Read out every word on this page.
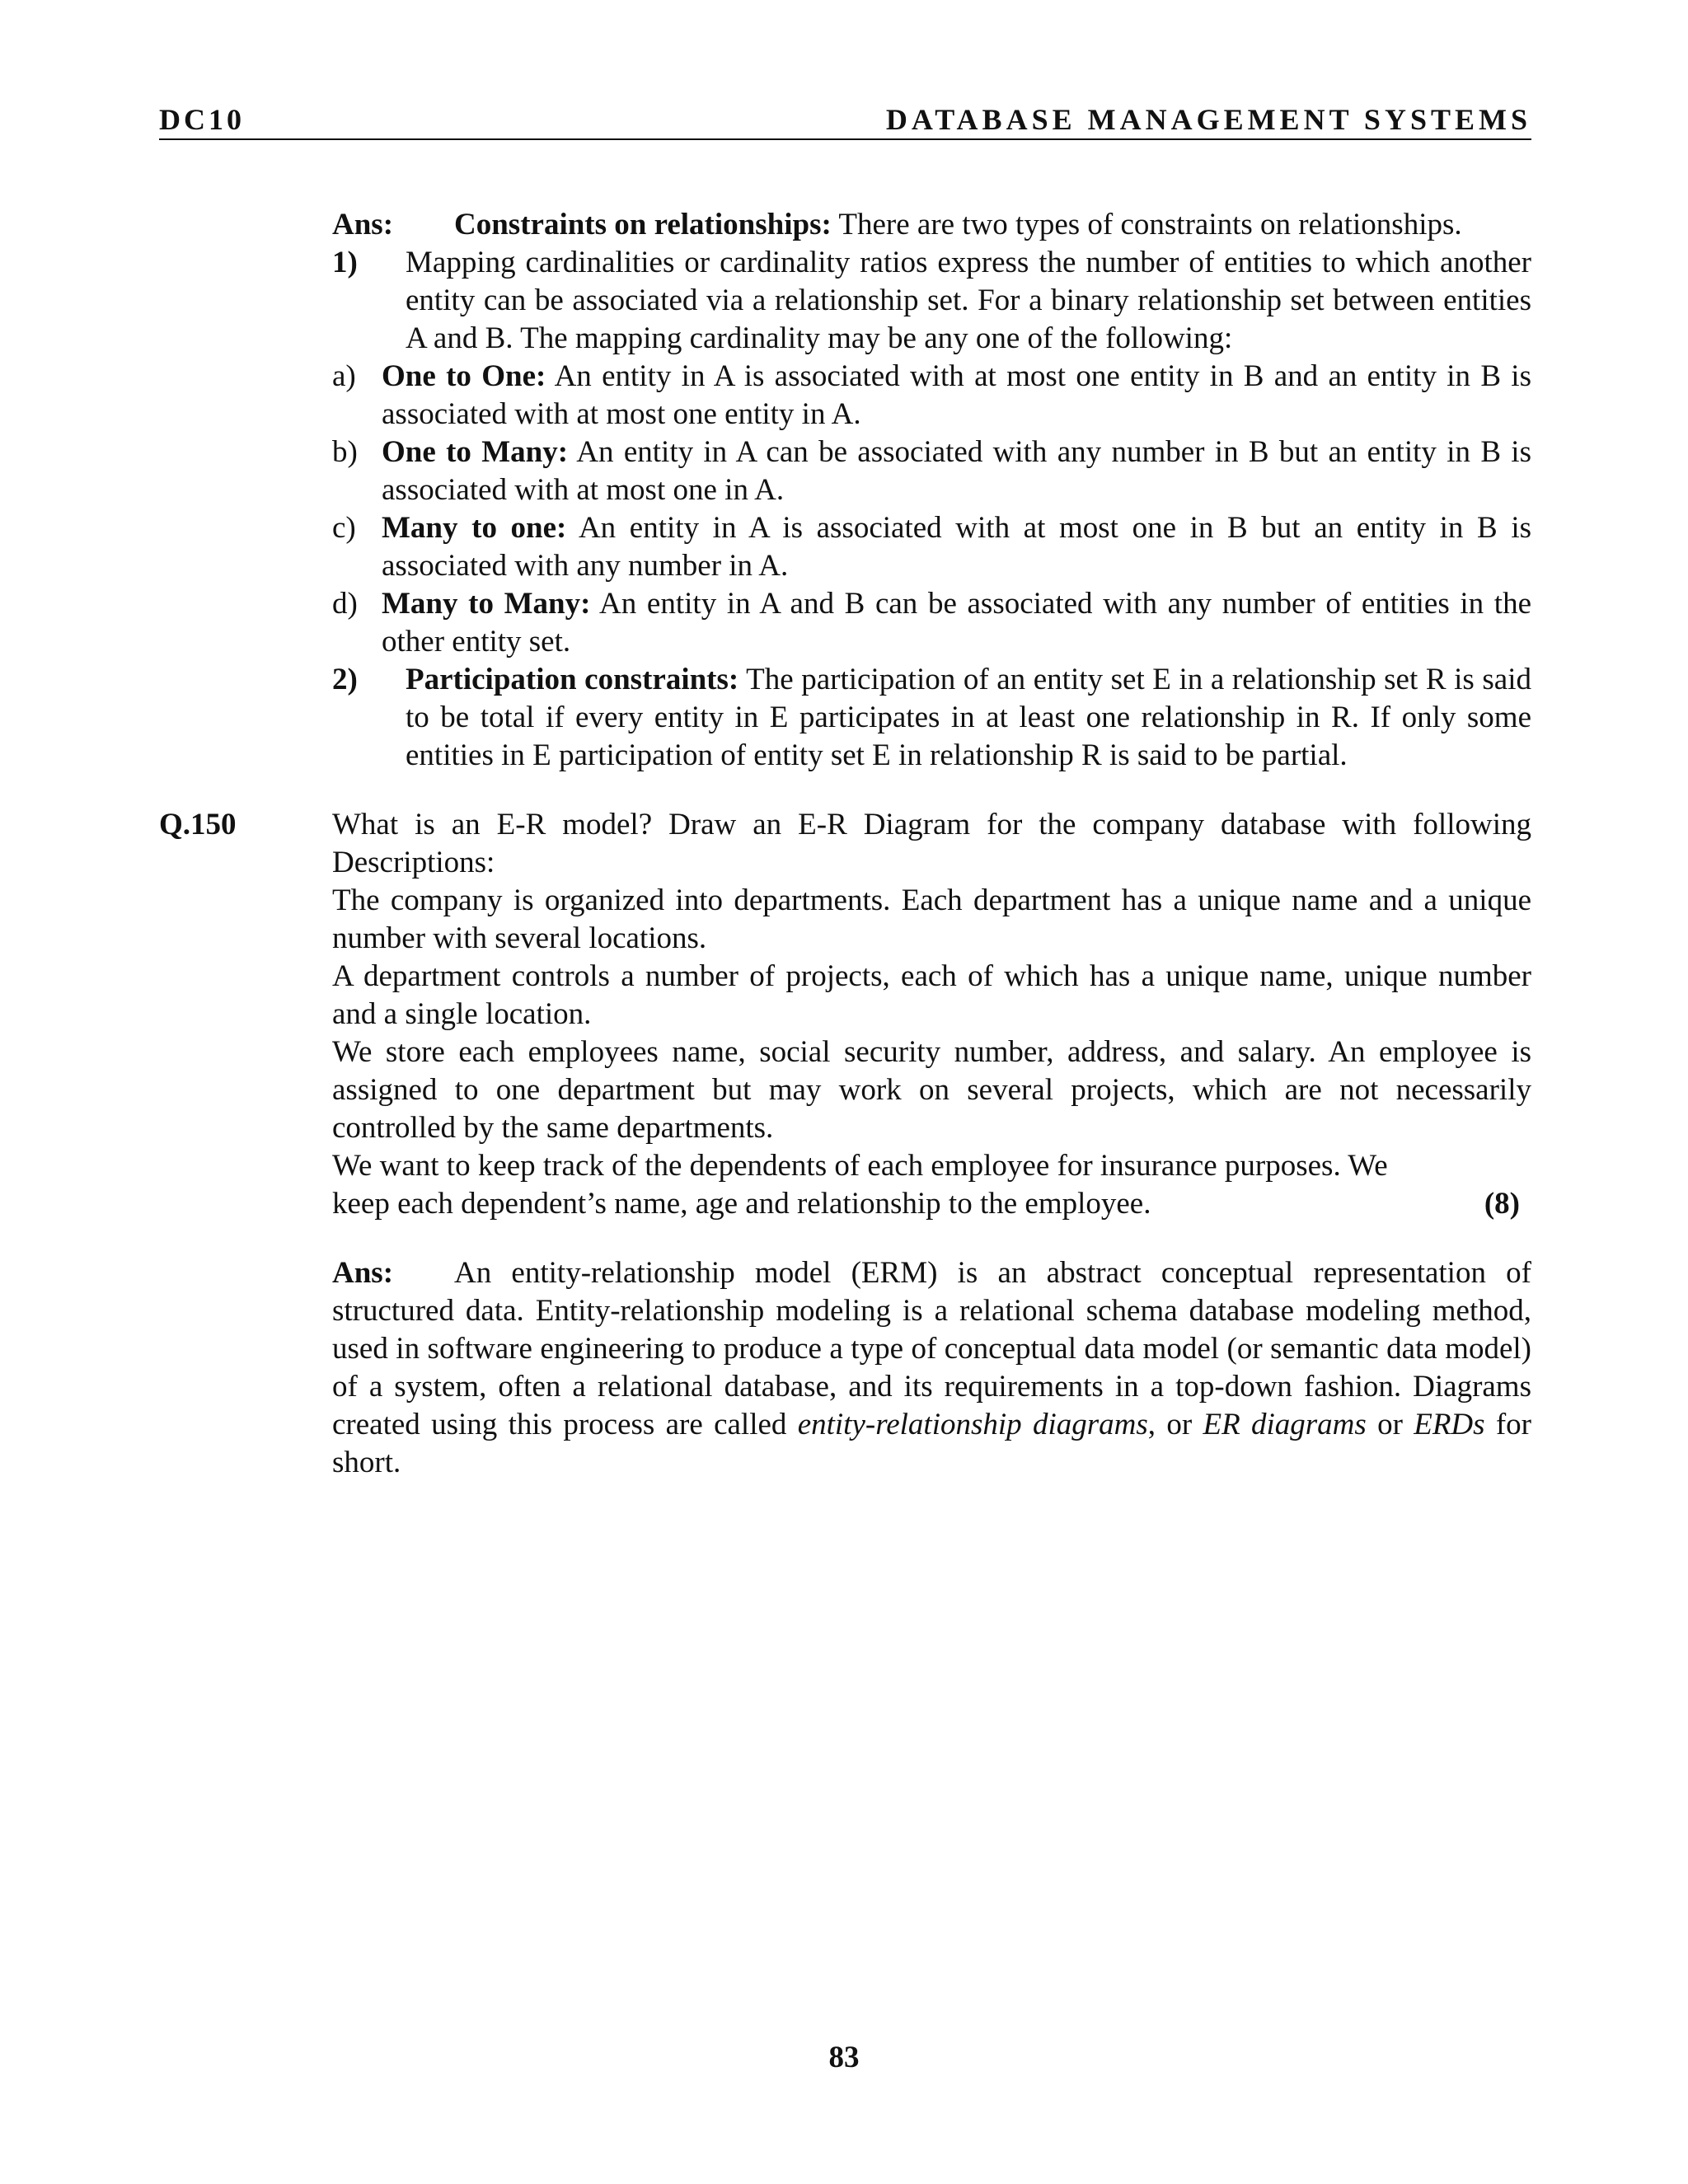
DC10	DATABASE MANAGEMENT SYSTEMS

Ans: Constraints on relationships: There are two types of constraints on relationships.

1)	Mapping cardinalities or cardinality ratios express the number of entities to which another entity can be associated via a relationship set. For a binary relationship set between entities A and B. The mapping cardinality may be any one of the following:
a) One to One: An entity in A is associated with at most one entity in B and an entity in B is associated with at most one entity in A.
b) One to Many: An entity in A can be associated with any number in B but an entity in B is associated with at most one in A.
c) Many to one: An entity in A is associated with at most one in B but an entity in B is associated with any number in A.
d) Many to Many: An entity in A and B can be associated with any number of entities in the other entity set.
2)	Participation constraints: The participation of an entity set E in a relationship set R is said to be total if every entity in E participates in at least one relationship in R. If only some entities in E participation of entity set E in relationship R is said to be partial.
Q.150	What is an E-R model? Draw an E-R Diagram for the company database with following Descriptions:

The company is organized into departments. Each department has a unique name and a unique number with several locations.

A department controls a number of projects, each of which has a unique name, unique number and a single location.

We store each employees name, social security number, address, and salary. An employee is assigned to one department but may work on several projects, which are not necessarily controlled by the same departments.

We want to keep track of the dependents of each employee for insurance purposes. We

keep each dependent’s name, age and relationship to the employee.	(8)

Ans: An entity-relationship model (ERM) is an abstract conceptual representation of structured data. Entity-relationship modeling is a relational schema database modeling method, used in software engineering to produce a type of conceptual data model (or semantic data model) of a system, often a relational database, and its requirements in a top-down fashion. Diagrams created using this process are called entity-relationship diagrams, or ER diagrams or ERDs for short.

83
